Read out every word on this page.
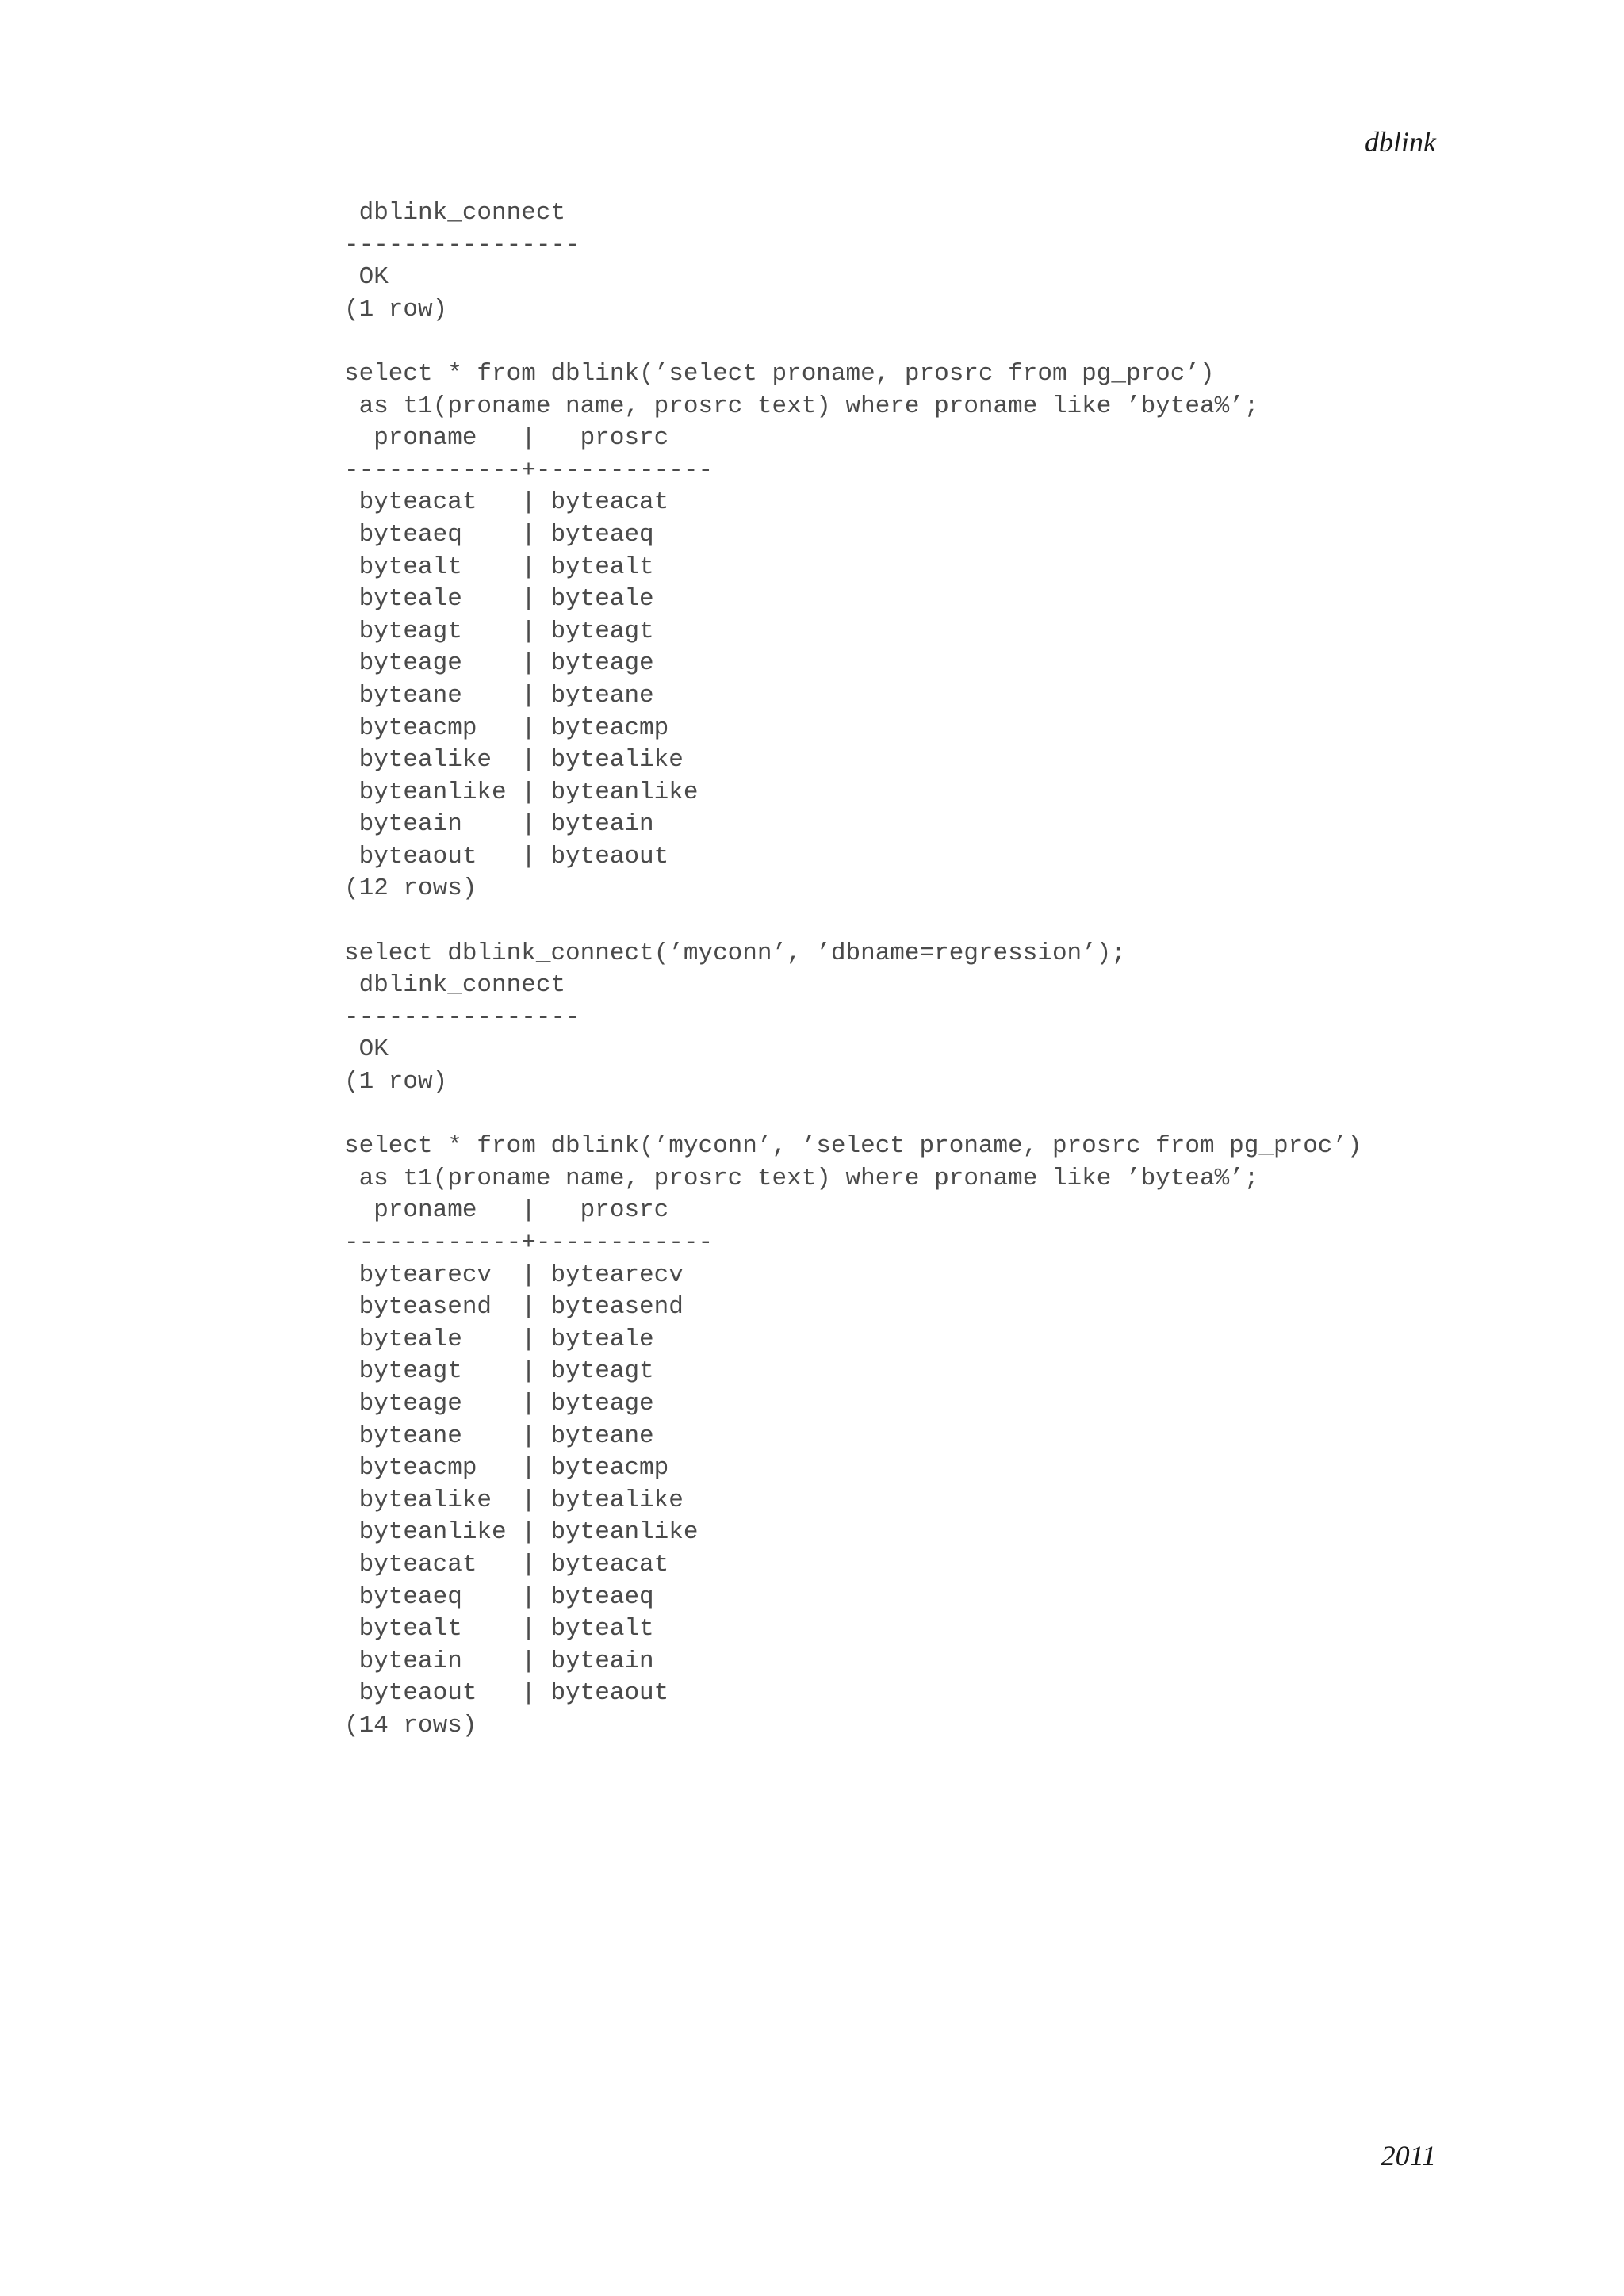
dblink
dblink_connect
----------------
OK
(1 row)
select * from dblink(’select proname, prosrc from pg_proc’)
as t1(proname name, prosrc text) where proname like ’bytea%’;
proname   |   prosrc
------------+------------
byteacat   | byteacat
byteaeq    | byteaeq
bytealt    | bytealt
byteale    | byteale
byteagt    | byteagt
byteage    | byteage
byteane    | byteane
byteacmp   | byteacmp
bytealike  | bytealike
byteanlike | byteanlike
byteain    | byteain
byteaout   | byteaout
(12 rows)
select dblink_connect(’myconn’, ’dbname=regression’);
dblink_connect
----------------
OK
(1 row)
select * from dblink(’myconn’, ’select proname, prosrc from pg_proc’)
as t1(proname name, prosrc text) where proname like ’bytea%’;
proname   |   prosrc
------------+------------
bytearecv  | bytearecv
byteasend  | byteasend
byteale    | byteale
byteagt    | byteagt
byteage    | byteage
byteane    | byteane
byteacmp   | byteacmp
bytealike  | bytealike
byteanlike | byteanlike
byteacat   | byteacat
byteaeq    | byteaeq
bytealt    | bytealt
byteain    | byteain
byteaout   | byteaout
(14 rows)
2011
